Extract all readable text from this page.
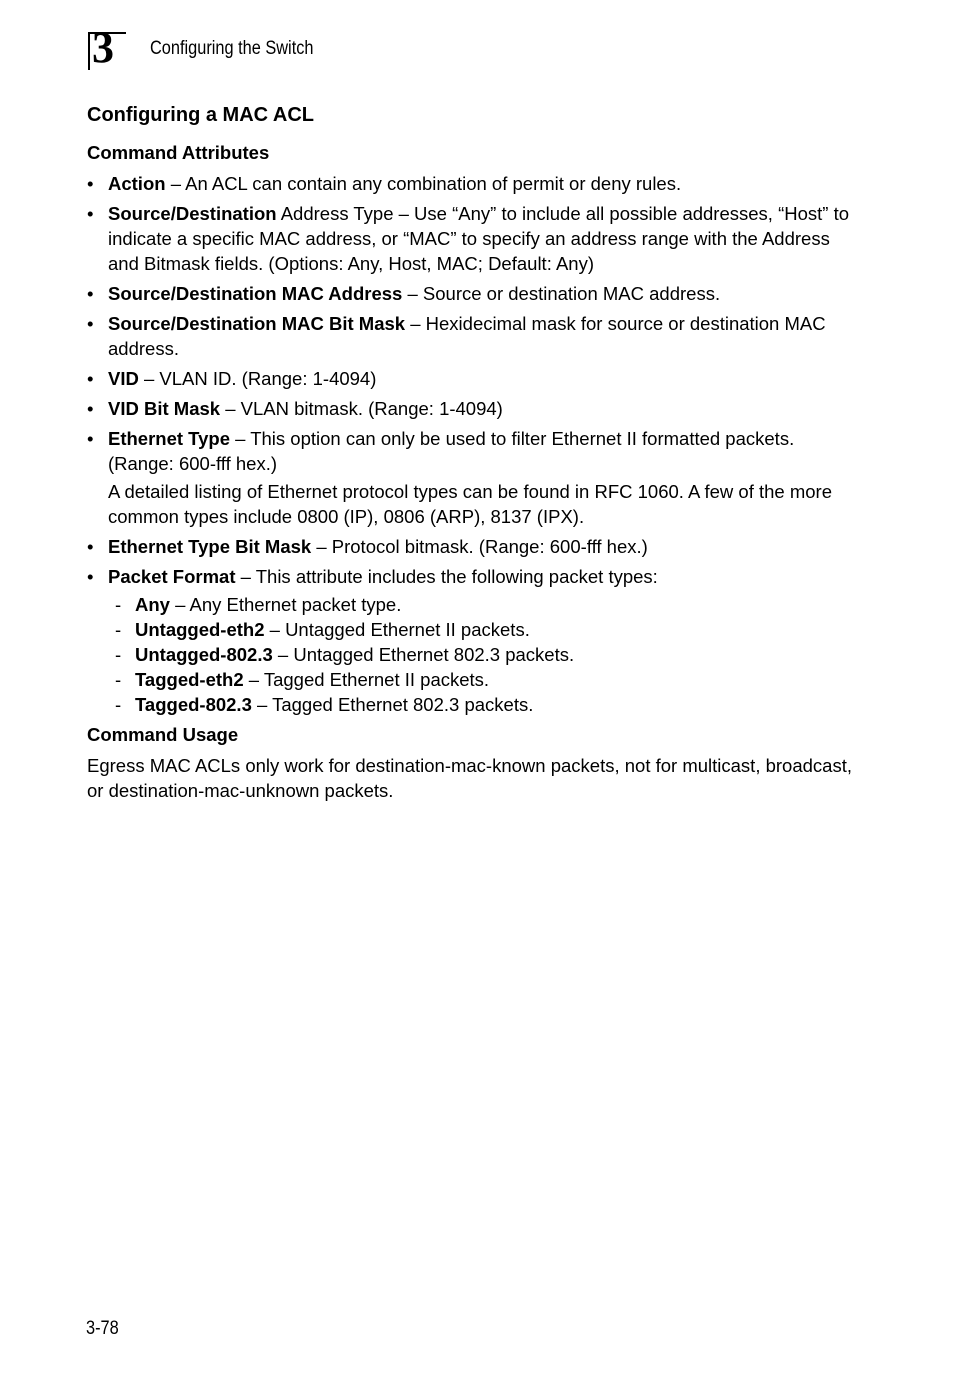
3 Configuring the Switch
Configuring a MAC ACL
Command Attributes
• Action – An ACL can contain any combination of permit or deny rules.
• Source/Destination Address Type – Use “Any” to include all possible addresses, “Host” to indicate a specific MAC address, or “MAC” to specify an address range with the Address and Bitmask fields. (Options: Any, Host, MAC; Default: Any)
• Source/Destination MAC Address – Source or destination MAC address.
• Source/Destination MAC Bit Mask – Hexidecimal mask for source or destination MAC address.
• VID – VLAN ID. (Range: 1-4094)
• VID Bit Mask – VLAN bitmask. (Range: 1-4094)
• Ethernet Type – This option can only be used to filter Ethernet II formatted packets. (Range: 600-fff hex.)
A detailed listing of Ethernet protocol types can be found in RFC 1060. A few of the more common types include 0800 (IP), 0806 (ARP), 8137 (IPX).
• Ethernet Type Bit Mask – Protocol bitmask. (Range: 600-fff hex.)
• Packet Format – This attribute includes the following packet types:
- Any – Any Ethernet packet type.
- Untagged-eth2 – Untagged Ethernet II packets.
- Untagged-802.3 – Untagged Ethernet 802.3 packets.
- Tagged-eth2 – Tagged Ethernet II packets.
- Tagged-802.3 – Tagged Ethernet 802.3 packets.
Command Usage

Egress MAC ACLs only work for destination-mac-known packets, not for multicast, broadcast, or destination-mac-unknown packets.

3-78
